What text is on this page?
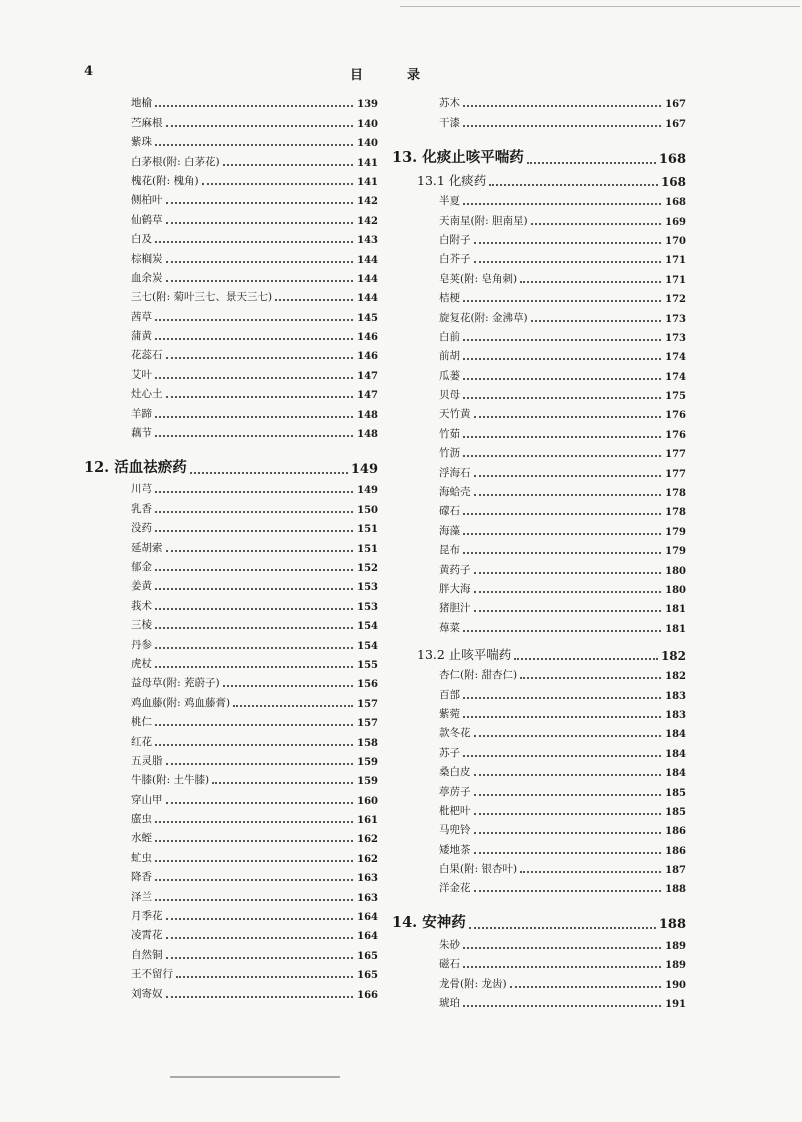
4	目录
地榆	139
苎麻根	140
紫珠	140
白茅根(附: 白茅花)	141
槐花(附: 槐角)	141
侧柏叶	142
仙鹤草	142
白及	143
棕榈炭	144
血余炭	144
三七(附: 菊叶三七、景天三七)	144
茜草	145
蒲黄	146
花蕊石	146
艾叶	147
灶心土	147
羊蹄	148
藕节	148
12. 活血祛瘀药	149
川芎	149
乳香	150
没药	151
延胡索	151
郁金	152
姜黄	153
莪术	153
三棱	154
丹参	154
虎杖	155
益母草(附: 茺蔚子)	156
鸡血藤(附: 鸡血藤膏)	157
桃仁	157
红花	158
五灵脂	159
牛膝(附: 土牛膝)	159
穿山甲	160
䗪虫	161
水蛭	162
虻虫	162
降香	163
泽兰	163
月季花	164
凌霄花	164
自然铜	165
王不留行	165
刘寄奴	166
苏木	167
干漆	167
13. 化痰止咳平喘药	168
13.1 化痰药	168
半夏	168
天南星(附: 胆南星)	169
白附子	170
白芥子	171
皂荚(附: 皂角刺)	171
桔梗	172
旋复花(附: 金沸草)	173
白前	173
前胡	174
瓜蒌	174
贝母	175
天竹黄	176
竹茹	176
竹沥	177
浮海石	177
海蛤壳	178
礞石	178
海藻	179
昆布	179
黄药子	180
胖大海	180
猪胆汁	181
蔊菜	181
13.2 止咳平喘药	182
杏仁(附: 甜杏仁)	182
百部	183
紫菀	183
款冬花	184
苏子	184
桑白皮	184
葶苈子	185
枇杷叶	185
马兜铃	186
矮地茶	186
白果(附: 银杏叶)	187
洋金花	188
14. 安神药	188
朱砂	189
磁石	189
龙骨(附: 龙齿)	190
琥珀	191
